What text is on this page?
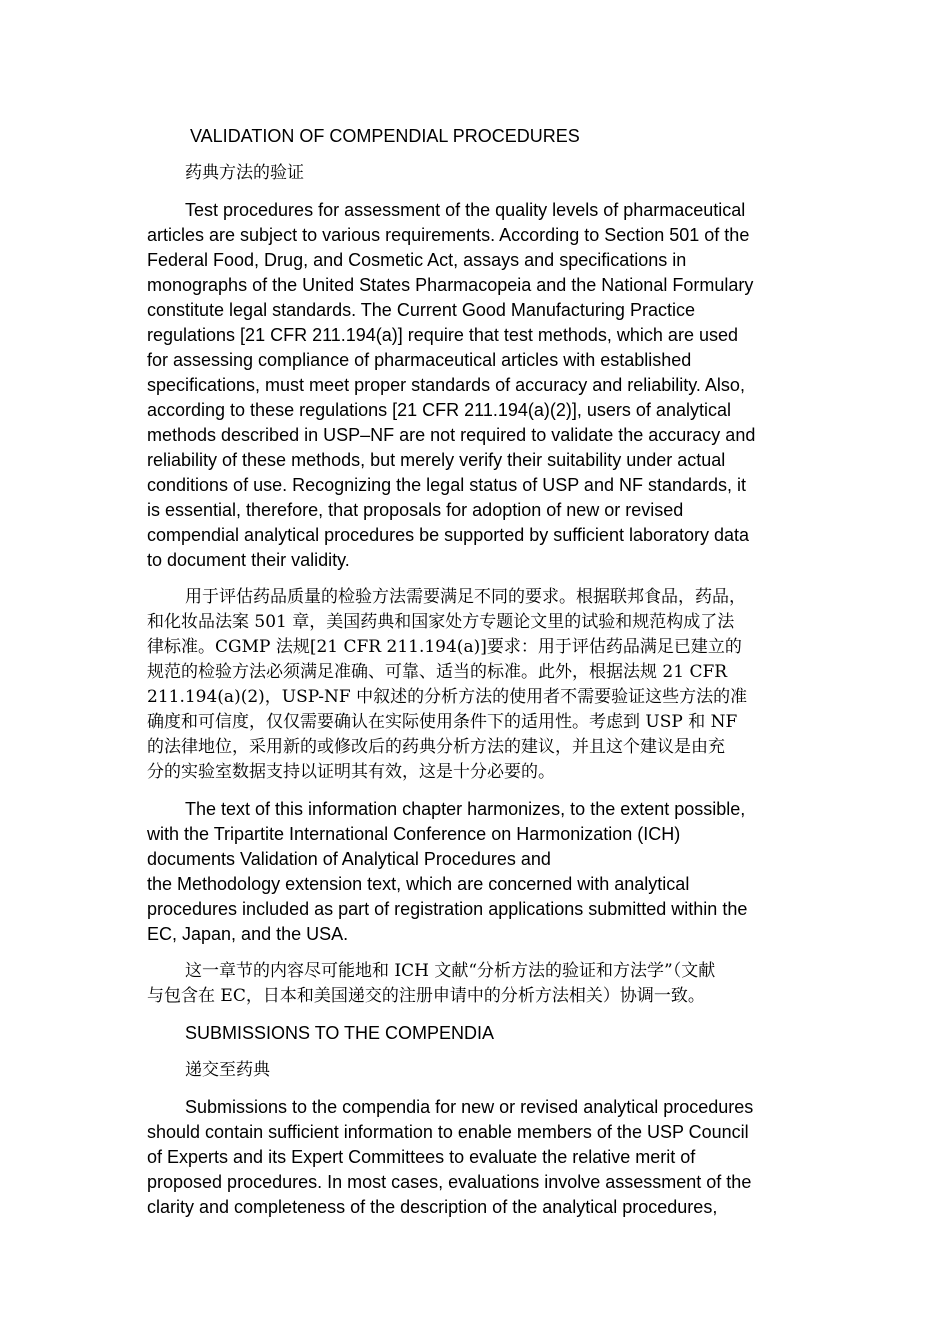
VALIDATION OF COMPENDIAL PROCEDURES

药典方法的验证

Test procedures for assessment of the quality levels of pharmaceutical
articles are subject to various requirements. According to Section 501 of the
Federal Food, Drug, and Cosmetic Act, assays and specifications in
monographs of the United States Pharmacopeia and the National Formulary
constitute legal standards. The Current Good Manufacturing Practice
regulations [21 CFR 211.194(a)] require that test methods, which are used
for assessing compliance of pharmaceutical articles with established
specifications, must meet proper standards of accuracy and reliability. Also,
according to these regulations [21 CFR 211.194(a)(2)], users of analytical
methods described in USP–NF are not required to validate the accuracy and
reliability of these methods, but merely verify their suitability under actual
conditions of use. Recognizing the legal status of USP and NF standards, it
is essential, therefore, that proposals for adoption of new or revised
compendial analytical procedures be supported by sufficient laboratory data
to document their validity.

用于评估药品质量的检验方法需要满足不同的要求。根据联邦食品，药品，
和化妆品法案 501 章，美国药典和国家处方专题论文里的试验和规范构成了法
律标准。CGMP 法规[21 CFR 211.194(a)]要求：用于评估药品满足已建立的
规范的检验方法必须满足准确、可靠、适当的标准。此外，根据法规 21 CFR
211.194(a)(2)，USP-NF 中叙述的分析方法的使用者不需要验证这些方法的准
确度和可信度，仅仅需要确认在实际使用条件下的适用性。考虑到 USP 和 NF
的法律地位，采用新的或修改后的药典分析方法的建议，并且这个建议是由充
分的实验室数据支持以证明其有效，这是十分必要的。

The text of this information chapter harmonizes, to the extent possible,
with the Tripartite International Conference on Harmonization (ICH)
documents Validation of Analytical Procedures and
the Methodology extension text, which are concerned with analytical
procedures included as part of registration applications submitted within the
EC, Japan, and the USA.

这一章节的内容尽可能地和 ICH 文献“分析方法的验证和方法学”（文献
与包含在 EC，日本和美国递交的注册申请中的分析方法相关）协调一致。

SUBMISSIONS TO THE COMPENDIA

递交至药典

Submissions to the compendia for new or revised analytical procedures
should contain sufficient information to enable members of the USP Council
of Experts and its Expert Committees to evaluate the relative merit of
proposed procedures. In most cases, evaluations involve assessment of the
clarity and completeness of the description of the analytical procedures,
